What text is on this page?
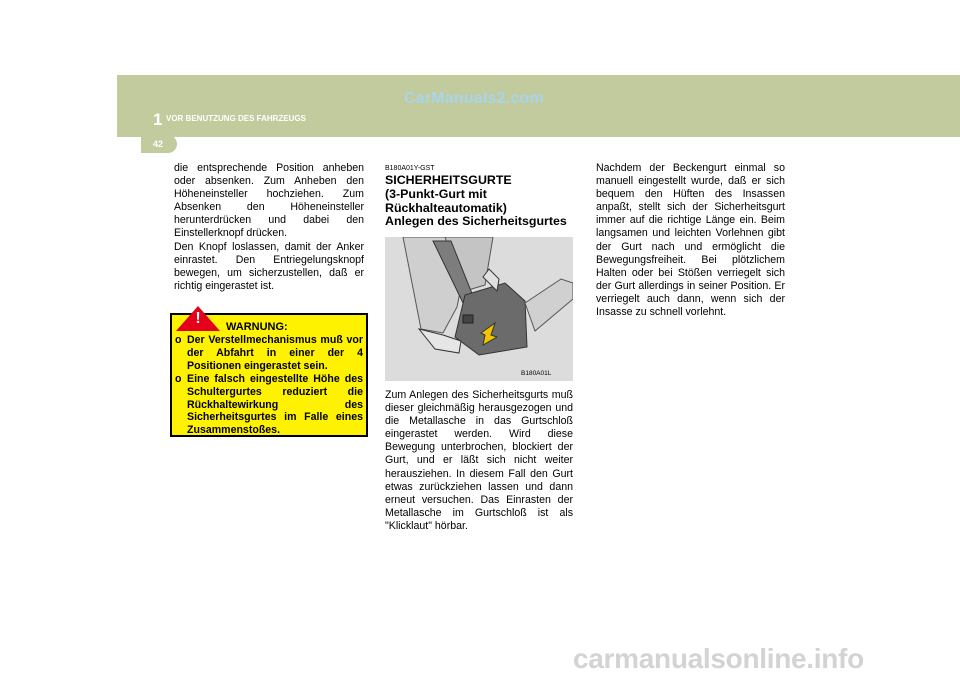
CarManuals2.com
1 VOR BENUTZUNG DES FAHRZEUGS
42
die entsprechende Position anheben oder absenken. Zum Anheben den Höheneinsteller hochziehen. Zum Absenken den Höheneinsteller herunterdrücken und dabei den Einstellerknopf drücken.
Den Knopf loslassen, damit der Anker einrastet. Den Entriegelungsknopf bewegen, um sicherzustellen, daß er richtig eingerastet ist.
!	WARNUNG:
o Der Verstellmechanismus muß vor der Abfahrt in einer der 4 Positionen eingerastet sein.
o Eine falsch eingestellte Höhe des Schultergurtes reduziert die Rückhaltewirkung des Sicherheitsgurtes im Falle eines Zusammenstoßes.
B180A01Y-GST
SICHERHEITSGURTE
(3-Punkt-Gurt mit
Rückhalteautomatik)
Anlegen des Sicherheitsgurtes
B180A01L
Zum Anlegen des Sicherheitsgurts muß dieser gleichmäßig herausgezogen und die Metallasche in das Gurtschloß eingerastet werden. Wird diese Bewegung unterbrochen, blockiert der Gurt, und er läßt sich nicht weiter herausziehen. In diesem Fall den Gurt etwas zurückziehen lassen und dann erneut versuchen. Das Einrasten der Metallasche im Gurtschloß ist als "Klicklaut" hörbar.
Nachdem der Beckengurt einmal so manuell eingestellt wurde, daß er sich bequem den Hüften des Insassen anpaßt, stellt sich der Sicherheitsgurt immer auf die richtige Länge ein. Beim langsamen und leichten Vorlehnen gibt der Gurt nach und ermöglicht die Bewegungsfreiheit. Bei plötzlichem Halten oder bei Stößen verriegelt sich der Gurt allerdings in seiner Position. Er verriegelt auch dann, wenn sich der Insasse zu schnell vorlehnt.
carmanualsonline.info
